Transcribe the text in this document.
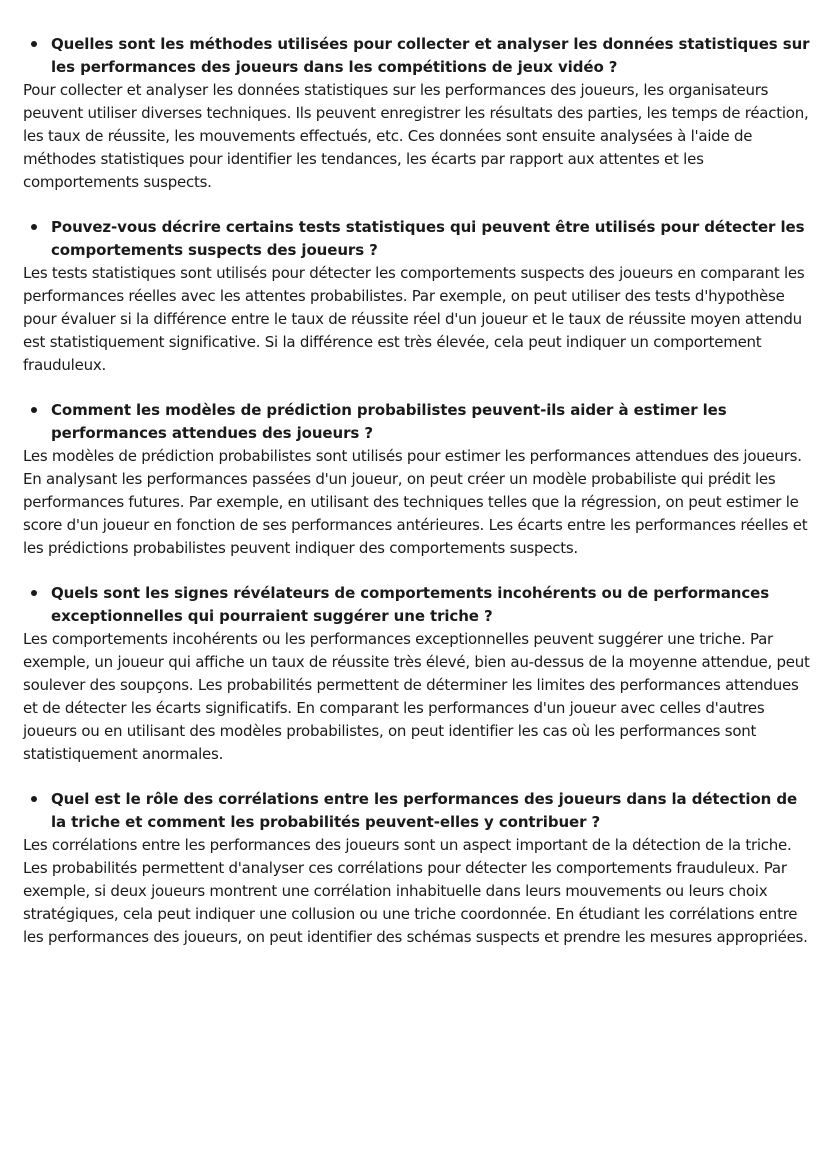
Quelles sont les méthodes utilisées pour collecter et analyser les données statistiques sur les performances des joueurs dans les compétitions de jeux vidéo ?

Pour collecter et analyser les données statistiques sur les performances des joueurs, les organisateurs peuvent utiliser diverses techniques. Ils peuvent enregistrer les résultats des parties, les temps de réaction, les taux de réussite, les mouvements effectués, etc. Ces données sont ensuite analysées à l'aide de méthodes statistiques pour identifier les tendances, les écarts par rapport aux attentes et les comportements suspects.

Pouvez-vous décrire certains tests statistiques qui peuvent être utilisés pour détecter les comportements suspects des joueurs ?

Les tests statistiques sont utilisés pour détecter les comportements suspects des joueurs en comparant les performances réelles avec les attentes probabilistes. Par exemple, on peut utiliser des tests d'hypothèse pour évaluer si la différence entre le taux de réussite réel d'un joueur et le taux de réussite moyen attendu est statistiquement significative. Si la différence est très élevée, cela peut indiquer un comportement frauduleux.

Comment les modèles de prédiction probabilistes peuvent-ils aider à estimer les performances attendues des joueurs ?

Les modèles de prédiction probabilistes sont utilisés pour estimer les performances attendues des joueurs. En analysant les performances passées d'un joueur, on peut créer un modèle probabiliste qui prédit les performances futures. Par exemple, en utilisant des techniques telles que la régression, on peut estimer le score d'un joueur en fonction de ses performances antérieures. Les écarts entre les performances réelles et les prédictions probabilistes peuvent indiquer des comportements suspects.

Quels sont les signes révélateurs de comportements incohérents ou de performances exceptionnelles qui pourraient suggérer une triche ?

Les comportements incohérents ou les performances exceptionnelles peuvent suggérer une triche. Par exemple, un joueur qui affiche un taux de réussite très élevé, bien au-dessus de la moyenne attendue, peut soulever des soupçons. Les probabilités permettent de déterminer les limites des performances attendues et de détecter les écarts significatifs. En comparant les performances d'un joueur avec celles d'autres joueurs ou en utilisant des modèles probabilistes, on peut identifier les cas où les performances sont statistiquement anormales.

Quel est le rôle des corrélations entre les performances des joueurs dans la détection de la triche et comment les probabilités peuvent-elles y contribuer ?

Les corrélations entre les performances des joueurs sont un aspect important de la détection de la triche. Les probabilités permettent d'analyser ces corrélations pour détecter les comportements frauduleux. Par exemple, si deux joueurs montrent une corrélation inhabituelle dans leurs mouvements ou leurs choix stratégiques, cela peut indiquer une collusion ou une triche coordonnée. En étudiant les corrélations entre les performances des joueurs, on peut identifier des schémas suspects et prendre les mesures appropriées.
